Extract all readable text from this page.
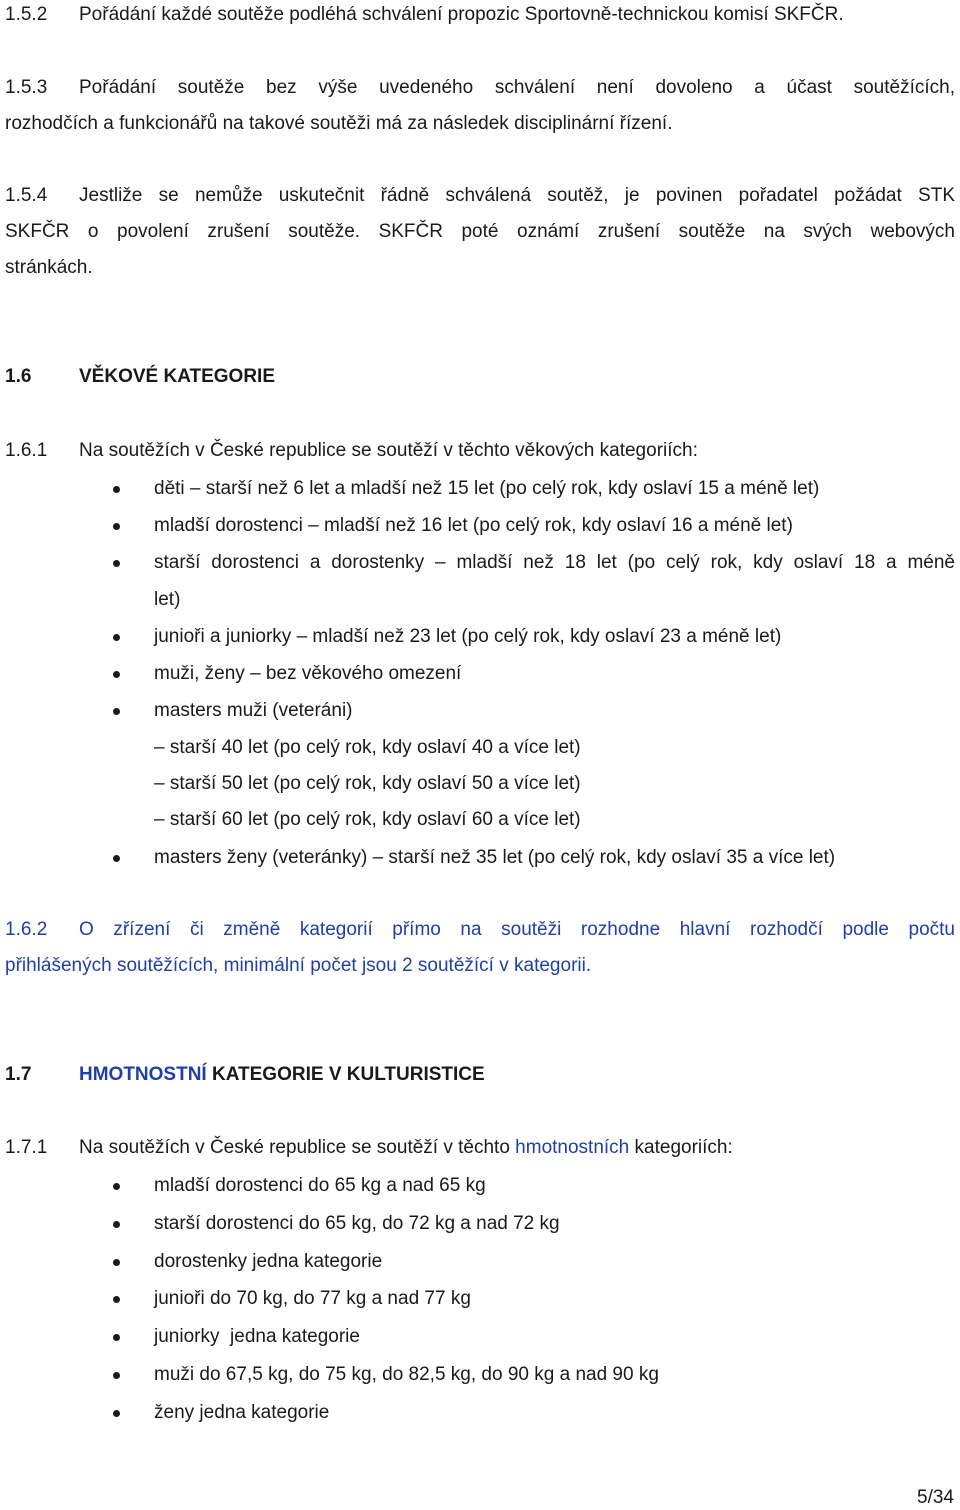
1.5.2 Pořádání každé soutěže podléhá schválení propozic Sportovně-technickou komisí SKFČR.
1.5.3 Pořádání soutěže bez výše uvedeného schválení není dovoleno a účast soutěžících,
rozhodčích a funkcionářů na takové soutěži má za následek disciplinární řízení.
1.5.4 Jestliže se nemůže uskutečnit řádně schválená soutěž, je povinen pořadatel požádat STK
SKFČR o povolení zrušení soutěže. SKFČR poté oznámí zrušení soutěže na svých webových
stránkách.
1.6	VĚKOVÉ KATEGORIE
1.6.1 Na soutěžích v České republice se soutěží v těchto věkových kategoriích:
děti – starší než 6 let a mladší než 15 let (po celý rok, kdy oslaví 15 a méně let)
mladší dorostenci – mladší než 16 let (po celý rok, kdy oslaví 16 a méně let)
starší dorostenci a dorostenky – mladší než 18 let (po celý rok, kdy oslaví 18 a méně
let)
junioři a juniorky – mladší než 23 let (po celý rok, kdy oslaví 23 a méně let)
muži, ženy – bez věkového omezení
masters muži (veteráni)
– starší 40 let (po celý rok, kdy oslaví 40 a více let)
– starší 50 let (po celý rok, kdy oslaví 50 a více let)
– starší 60 let (po celý rok, kdy oslaví 60 a více let)
masters ženy (veteránky) – starší než 35 let (po celý rok, kdy oslaví 35 a více let)
1.6.2 O zřízení či změně kategorií přímo na soutěži rozhodne hlavní rozhodčí podle počtu
přihlášených soutěžících, minimální počet jsou 2 soutěžící v kategorii.
1.7	HMOTNOSTNÍ KATEGORIE V KULTURISTICE
1.7.1 Na soutěžích v České republice se soutěží v těchto hmotnostních kategoriích:
mladší dorostenci do 65 kg a nad 65 kg
starší dorostenci do 65 kg, do 72 kg a nad 72 kg
dorostenky jedna kategorie
junioři do 70 kg, do 77 kg a nad 77 kg
juniorky  jedna kategorie
muži do 67,5 kg, do 75 kg, do 82,5 kg, do 90 kg a nad 90 kg
ženy jedna kategorie
5/34
